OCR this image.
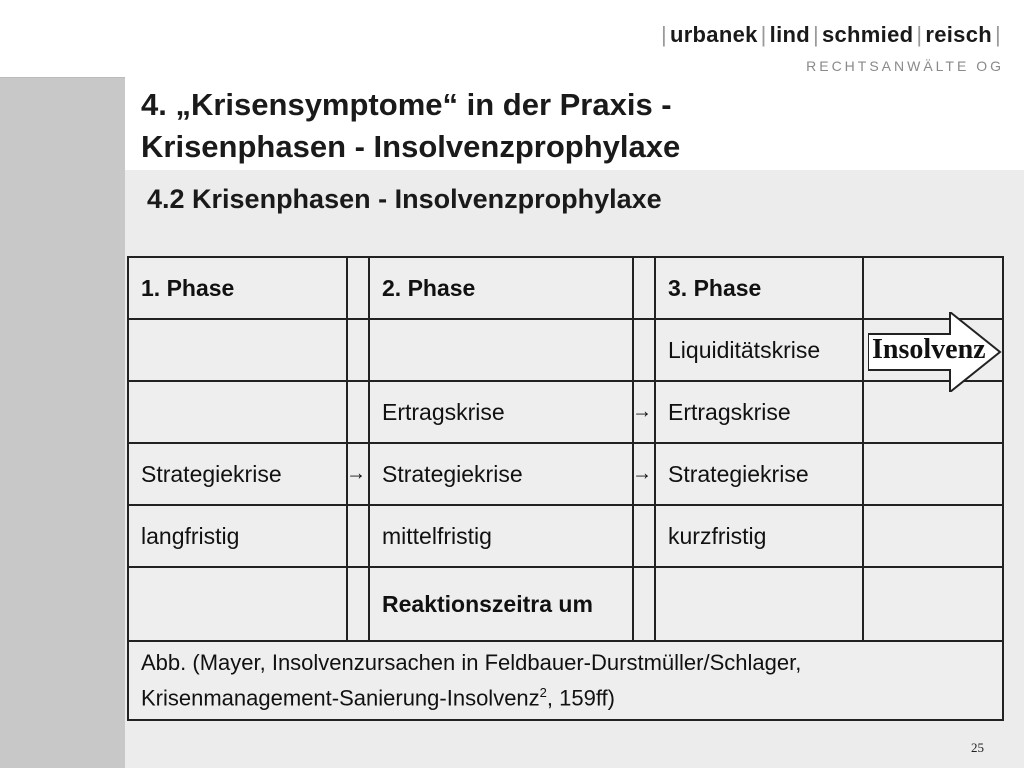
| urbanek | lind | schmied | reisch |
RECHTSANWÄLTE OG
4. „Krisensymptome“ in der Praxis -
Krisenphasen - Insolvenzprophylaxe
4.2 Krisenphasen - Insolvenzprophylaxe
1. Phase		2. Phase		3. Phase	
				Liquiditätskrise	Insolvenz

		Ertragskrise	→	Ertragskrise	
Strategiekrise	→	Strategiekrise	→	Strategiekrise	
langfristig		mittelfristig		kurzfristig	
		Reaktionszeitra um			

Abb. (Mayer, Insolvenzursachen in Feldbauer-Durstmüller/Schlager,
Krisenmanagement-Sanierung-Insolvenz$^2$, 159ff)					
25
